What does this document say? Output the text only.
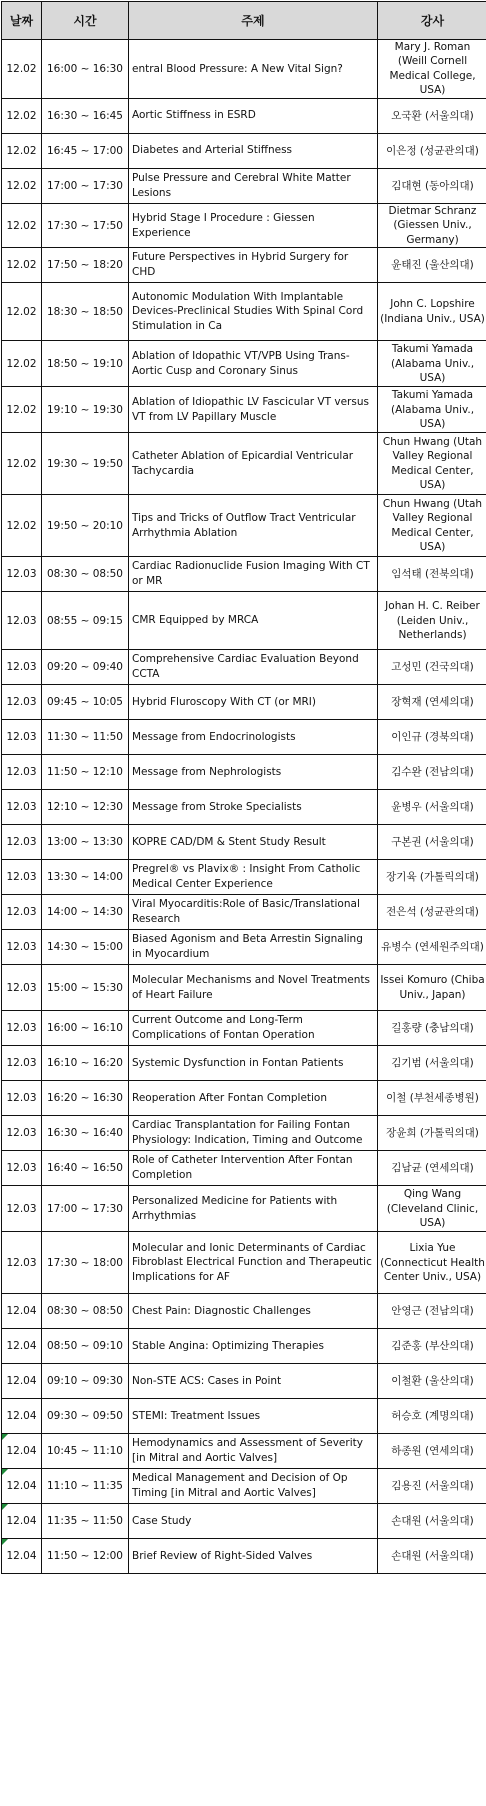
날짜	시간	주제	강사
12.02	16:00 ~ 16:30	entral Blood Pressure: A New Vital Sign?	Mary J. Roman (Weill Cornell Medical College, USA)
12.02	16:30 ~ 16:45	Aortic Stiffness in ESRD	오국환 (서울의대)
12.02	16:45 ~ 17:00	Diabetes and Arterial Stiffness	이은정 (성균관의대)
12.02	17:00 ~ 17:30	Pulse Pressure and Cerebral White Matter Lesions	김대현 (동아의대)
12.02	17:30 ~ 17:50	Hybrid Stage I Procedure : Giessen Experience	Dietmar Schranz (Giessen Univ., Germany)
12.02	17:50 ~ 18:20	Future Perspectives in Hybrid Surgery for CHD	윤태진 (울산의대)
12.02	18:30 ~ 18:50	Autonomic Modulation With Implantable Devices-Preclinical Studies With Spinal Cord Stimulation in Ca	John C. Lopshire (Indiana Univ., USA)
12.02	18:50 ~ 19:10	Ablation of Idopathic VT/VPB Using Trans-Aortic Cusp and Coronary Sinus	Takumi Yamada (Alabama Univ., USA)
12.02	19:10 ~ 19:30	Ablation of Idiopathic LV Fascicular VT versus VT from LV Papillary Muscle	Takumi Yamada (Alabama Univ., USA)
12.02	19:30 ~ 19:50	Catheter Ablation of Epicardial Ventricular Tachycardia	Chun Hwang (Utah Valley Regional Medical Center, USA)
12.02	19:50 ~ 20:10	Tips and Tricks of Outflow Tract Ventricular Arrhythmia Ablation	Chun Hwang (Utah Valley Regional Medical Center, USA)
12.03	08:30 ~ 08:50	Cardiac Radionuclide Fusion Imaging With CT or MR	임석태 (전북의대)
12.03	08:55 ~ 09:15	CMR Equipped by MRCA	Johan H. C. Reiber (Leiden Univ., Netherlands)
12.03	09:20 ~ 09:40	Comprehensive Cardiac Evaluation Beyond CCTA	고성민 (건국의대)
12.03	09:45 ~ 10:05	Hybrid Fluroscopy With CT (or MRI)	장혁재 (연세의대)
12.03	11:30 ~ 11:50	Message from Endocrinologists	이인규 (경북의대)
12.03	11:50 ~ 12:10	Message from Nephrologists	김수완 (전남의대)
12.03	12:10 ~ 12:30	Message from Stroke Specialists	윤병우 (서울의대)
12.03	13:00 ~ 13:30	KOPRE CAD/DM & Stent Study Result	구본권 (서울의대)
12.03	13:30 ~ 14:00	Pregrel® vs Plavix® : Insight From Catholic Medical Center Experience	장기육 (가톨릭의대)
12.03	14:00 ~ 14:30	Viral Myocarditis:Role of Basic/Translational Research	전은석 (성균관의대)
12.03	14:30 ~ 15:00	Biased Agonism and Beta Arrestin Signaling in Myocardium	유병수 (연세원주의대)
12.03	15:00 ~ 15:30	Molecular Mechanisms and Novel Treatments of Heart Failure	Issei Komuro (Chiba Univ., Japan)
12.03	16:00 ~ 16:10	Current Outcome and Long-Term Complications of Fontan Operation	길홍량 (충남의대)
12.03	16:10 ~ 16:20	Systemic Dysfunction in Fontan Patients	김기범 (서울의대)
12.03	16:20 ~ 16:30	Reoperation After Fontan Completion	이철 (부천세종병원)
12.03	16:30 ~ 16:40	Cardiac Transplantation for Failing Fontan Physiology: Indication, Timing and Outcome	장윤희 (가톨릭의대)
12.03	16:40 ~ 16:50	Role of Catheter Intervention After Fontan Completion	김남균 (연세의대)
12.03	17:00 ~ 17:30	Personalized Medicine for Patients with Arrhythmias	Qing Wang (Cleveland Clinic, USA)
12.03	17:30 ~ 18:00	Molecular and Ionic Determinants of Cardiac Fibroblast Electrical Function and Therapeutic Implications for AF	Lixia Yue (Connecticut Health Center Univ., USA)
12.04	08:30 ~ 08:50	Chest Pain: Diagnostic Challenges	안영근 (전남의대)
12.04	08:50 ~ 09:10	Stable Angina: Optimizing Therapies	김준홍 (부산의대)
12.04	09:10 ~ 09:30	Non-STE ACS: Cases in Point	이철환 (울산의대)
12.04	09:30 ~ 09:50	STEMI: Treatment Issues	허승호 (계명의대)
12.04	10:45 ~ 11:10	Hemodynamics and Assessment of Severity [in Mitral and Aortic Valves]	하종원 (연세의대)
12.04	11:10 ~ 11:35	Medical Management and Decision of Op Timing [in Mitral and Aortic Valves]	김용진 (서울의대)
12.04	11:35 ~ 11:50	Case Study	손대원 (서울의대)
12.04	11:50 ~ 12:00	Brief Review of Right-Sided Valves	손대원 (서울의대)
